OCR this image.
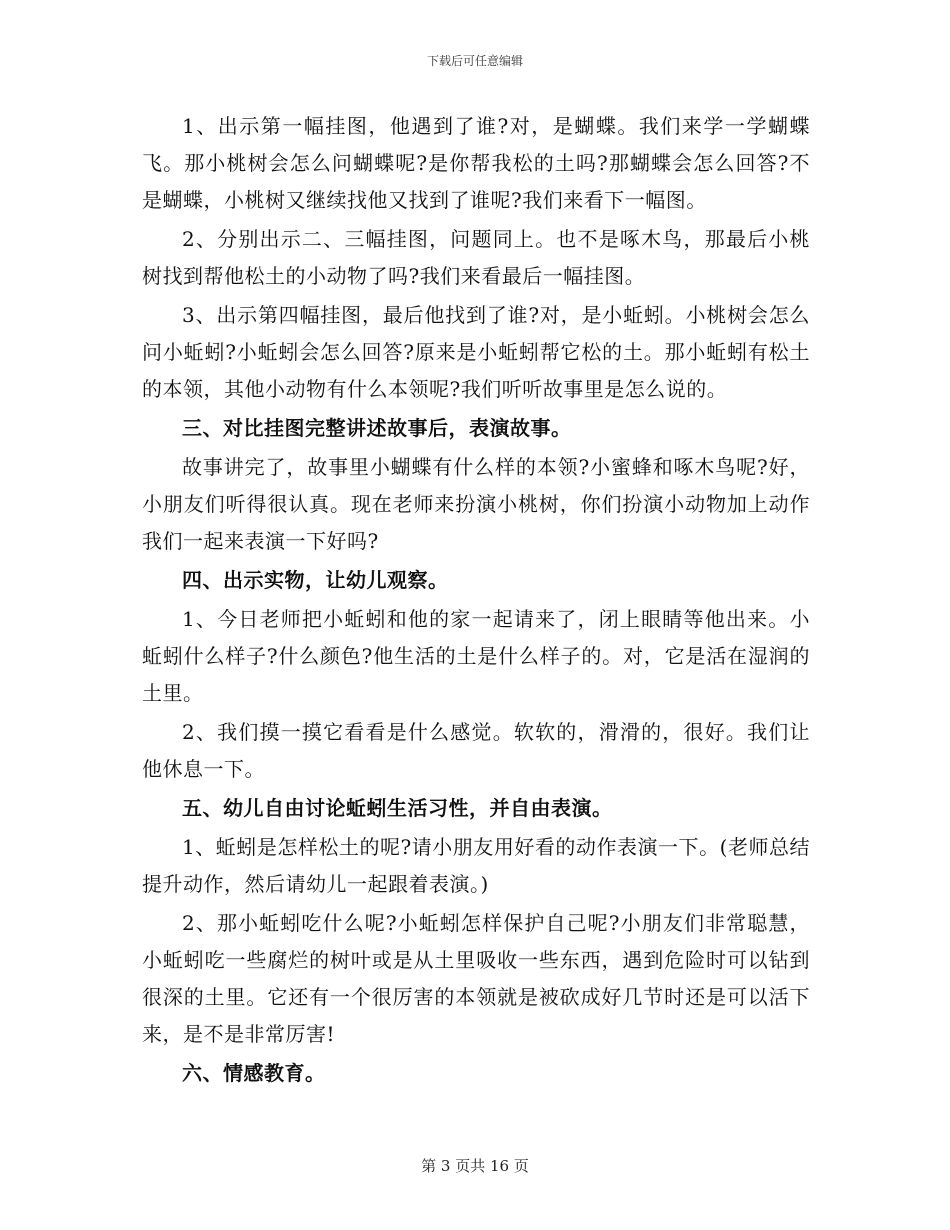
下载后可任意编辑

1、出示第一幅挂图，他遇到了谁?对，是蝴蝶。我们来学一学蝴蝶飞。那小桃树会怎么问蝴蝶呢?是你帮我松的土吗?那蝴蝶会怎么回答?不是蝴蝶，小桃树又继续找他又找到了谁呢?我们来看下一幅图。

2、分别出示二、三幅挂图，问题同上。也不是啄木鸟，那最后小桃树找到帮他松土的小动物了吗?我们来看最后一幅挂图。

3、出示第四幅挂图，最后他找到了谁?对，是小蚯蚓。小桃树会怎么问小蚯蚓?小蚯蚓会怎么回答?原来是小蚯蚓帮它松的土。那小蚯蚓有松土的本领，其他小动物有什么本领呢?我们听听故事里是怎么说的。

三、对比挂图完整讲述故事后，表演故事。

故事讲完了，故事里小蝴蝶有什么样的本领?小蜜蜂和啄木鸟呢?好，小朋友们听得很认真。现在老师来扮演小桃树，你们扮演小动物加上动作我们一起来表演一下好吗?

四、出示实物，让幼儿观察。

1、今日老师把小蚯蚓和他的家一起请来了，闭上眼睛等他出来。小蚯蚓什么样子?什么颜色?他生活的土是什么样子的。对，它是活在湿润的土里。

2、我们摸一摸它看看是什么感觉。软软的，滑滑的，很好。我们让他休息一下。

五、幼儿自由讨论蚯蚓生活习性，并自由表演。

1、蚯蚓是怎样松土的呢?请小朋友用好看的动作表演一下。(老师总结提升动作，然后请幼儿一起跟着表演。)

2、那小蚯蚓吃什么呢?小蚯蚓怎样保护自己呢?小朋友们非常聪慧，小蚯蚓吃一些腐烂的树叶或是从土里吸收一些东西，遇到危险时可以钻到很深的土里。它还有一个很厉害的本领就是被砍成好几节时还是可以活下来，是不是非常厉害!

六、情感教育。

第 3 页共 16 页
